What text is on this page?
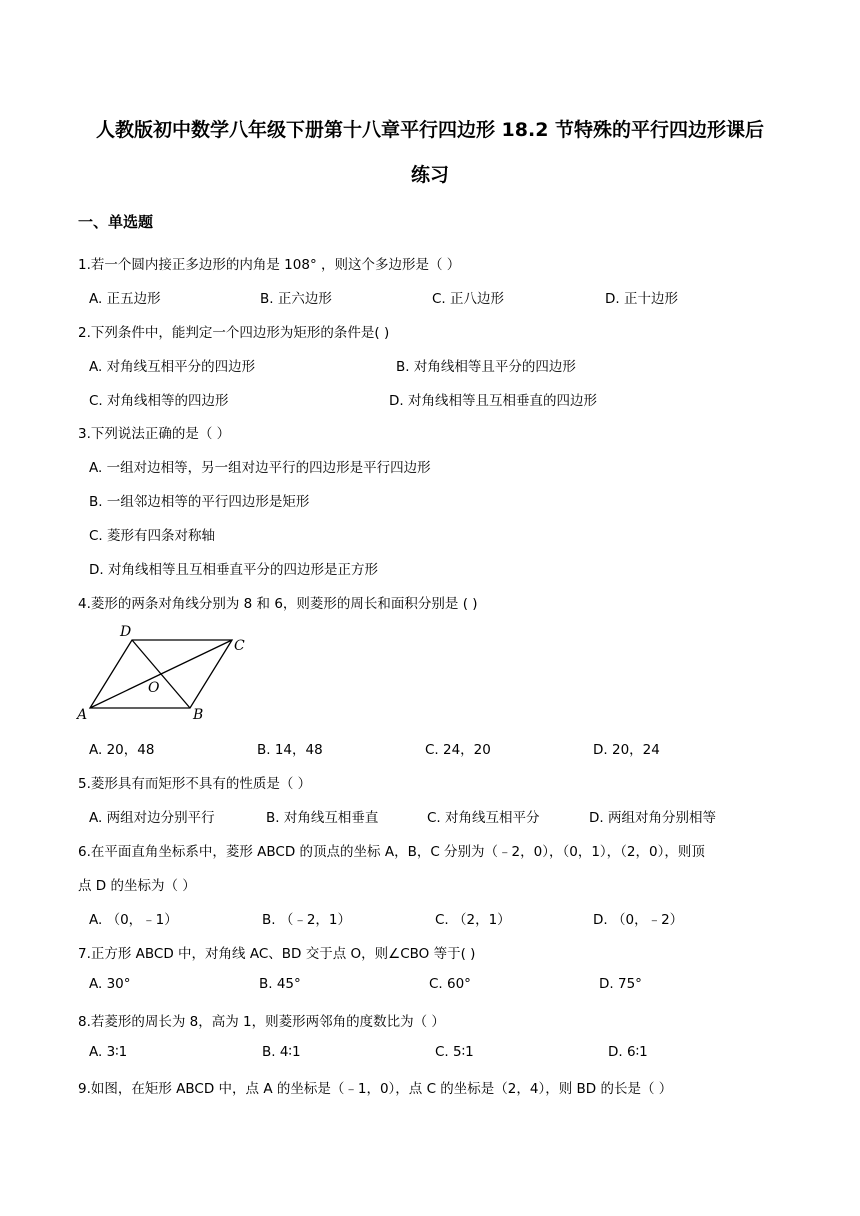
人教版初中数学八年级下册第十八章平行四边形 18.2 节特殊的平行四边形课后
练习
一、单选题
1.若一个圆内接正多边形的内角是 108° ，则这个多边形是（ ）
A. 正五边形	B. 正六边形	C. 正八边形	D. 正十边形
2.下列条件中，能判定一个四边形为矩形的条件是( )
A. 对角线互相平分的四边形	B. 对角线相等且平分的四边形
C. 对角线相等的四边形	D. 对角线相等且互相垂直的四边形
3.下列说法正确的是（ ）
A. 一组对边相等，另一组对边平行的四边形是平行四边形
B. 一组邻边相等的平行四边形是矩形
C. 菱形有四条对称轴
D. 对角线相等且互相垂直平分的四边形是正方形
4.菱形的两条对角线分别为 8 和 6，则菱形的周长和面积分别是 ( )
D
C
O
A	B
A. 20，48	B. 14，48	C. 24，20	D. 20，24
5.菱形具有而矩形不具有的性质是（ ）
A. 两组对边分别平行	B. 对角线互相垂直	C. 对角线互相平分	D. 两组对角分别相等
6.在平面直角坐标系中，菱形 ABCD 的顶点的坐标 A，B，C 分别为（﹣2，0），（0，1），（2，0），则顶
点 D 的坐标为（ ）
A. （0，﹣1）	B. （﹣2，1）	C. （2，1）	D. （0，﹣2）
7.正方形 ABCD 中，对角线 AC、BD 交于点 O，则∠CBO 等于( )
A. 30°	B. 45°	C. 60°	D. 75°
8.若菱形的周长为 8，高为 1，则菱形两邻角的度数比为（ ）
A. 3∶1	B. 4∶1	C. 5∶1	D. 6∶1
9.如图，在矩形 ABCD 中，点 A 的坐标是（﹣1，0），点 C 的坐标是（2，4），则 BD 的长是（ ）
